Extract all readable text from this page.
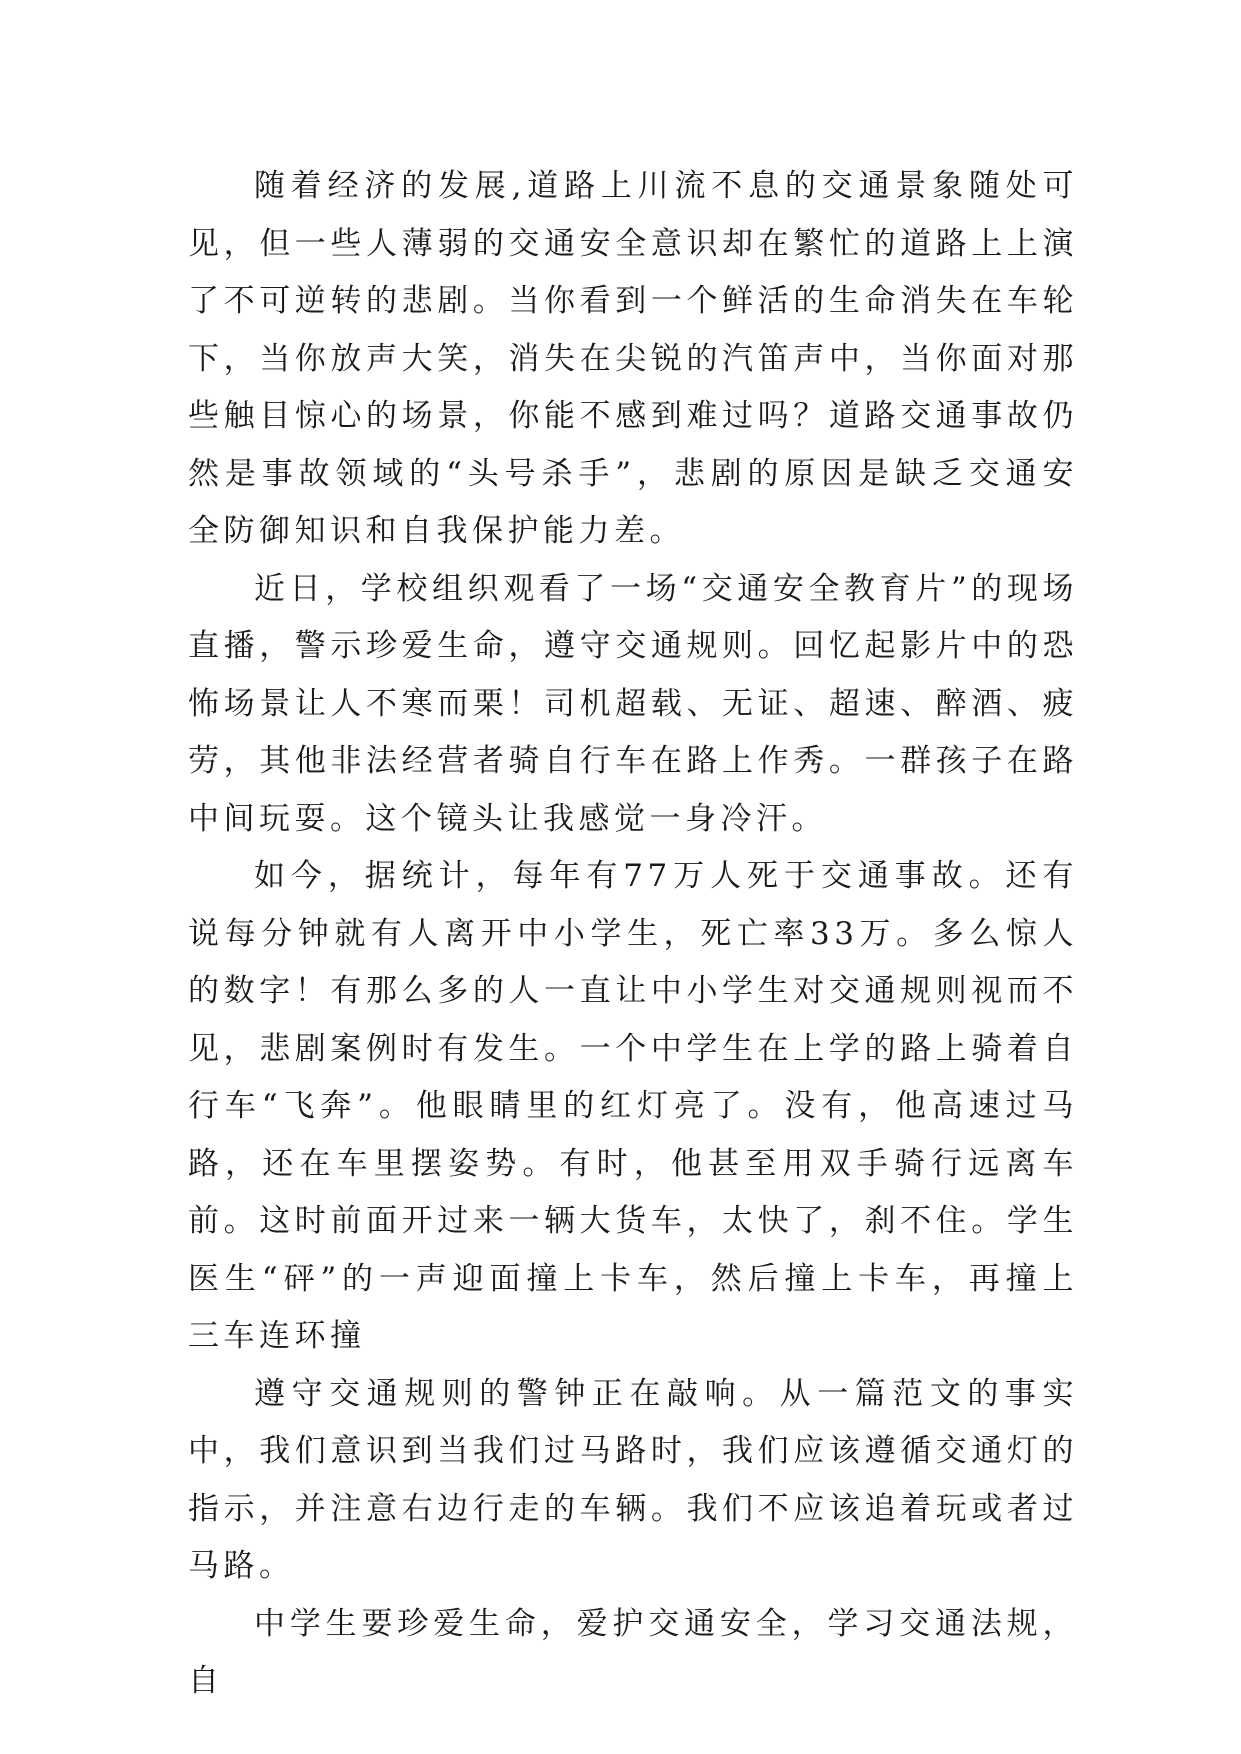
随着经济的发展,道路上川流不息的交通景象随处可见，但一些人薄弱的交通安全意识却在繁忙的道路上上演了不可逆转的悲剧。当你看到一个鲜活的生命消失在车轮下，当你放声大笑，消失在尖锐的汽笛声中，当你面对那些触目惊心的场景，你能不感到难过吗？道路交通事故仍然是事故领域的“头号杀手”，悲剧的原因是缺乏交通安全防御知识和自我保护能力差。

近日，学校组织观看了一场“交通安全教育片”的现场直播，警示珍爱生命，遵守交通规则。回忆起影片中的恐怖场景让人不寒而栗！司机超载、无证、超速、醉酒、疲劳，其他非法经营者骑自行车在路上作秀。一群孩子在路中间玩耍。这个镜头让我感觉一身冷汗。

如今，据统计，每年有77万人死于交通事故。还有说每分钟就有人离开中小学生，死亡率33万。多么惊人的数字！有那么多的人一直让中小学生对交通规则视而不见，悲剧案例时有发生。一个中学生在上学的路上骑着自行车“飞奔”。他眼睛里的红灯亮了。没有，他高速过马路，还在车里摆姿势。有时，他甚至用双手骑行远离车前。这时前面开过来一辆大货车，太快了，刹不住。学生医生“砰”的一声迎面撞上卡车，然后撞上卡车，再撞上三车连环撞

遵守交通规则的警钟正在敲响。从一篇范文的事实中，我们意识到当我们过马路时，我们应该遵循交通灯的指示，并注意右边行走的车辆。我们不应该追着玩或者过马路。

中学生要珍爱生命，爱护交通安全，学习交通法规，自
